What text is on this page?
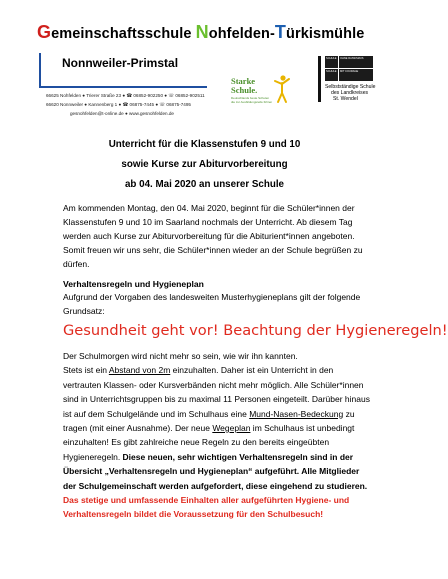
Gemeinschaftsschule Nohfelden-Türkismühle
Nonnweiler-Primstal
66625 Nohfelden ● Trierer Straße 23 ● ☎ 06852-902250 ● ☏ 06852-902511
66620 Nonnweiler ● Kannenberg 1 ● ☎ 06875-7445 ● ☏ 06875-7495
gesnohfelden@t-online.de ● www.gesnohfelden.de
Starke
Schule.
Deutschlands beste Schulen die zur Ausbildungsreife führen
SCHULE	OHNE RASSISMUS
SCHULE	MIT COURAGE
Selbstständige Schule
des Landkreises
St. Wendel
Unterricht für die Klassenstufen 9 und 10
sowie Kurse zur Abiturvorbereitung
ab 04. Mai 2020 an unserer Schule
Am kommenden Montag, den 04. Mai 2020, beginnt für die Schüler*innen der
Klassenstufen 9 und 10 im Saarland nochmals der Unterricht. Ab diesem Tag
werden auch Kurse zur Abiturvorbereitung für die Abiturient*innen angeboten.
Somit freuen wir uns sehr, die Schüler*innen wieder an der Schule begrüßen zu
dürfen.
Verhaltensregeln und Hygieneplan
Aufgrund der Vorgaben des landesweiten Musterhygieneplans gilt der folgende
Grundsatz:
Gesundheit geht vor! Beachtung der Hygieneregeln!
Der Schulmorgen wird nicht mehr so sein, wie wir ihn kannten.
Stets ist ein Abstand von 2m einzuhalten. Daher ist ein Unterricht in den
vertrauten Klassen- oder Kursverbänden nicht mehr möglich. Alle Schüler*innen
sind in Unterrichtsgruppen bis zu maximal 11 Personen eingeteilt. Darüber hinaus
ist auf dem Schulgelände und im Schulhaus eine Mund-Nasen-Bedeckung zu
tragen (mit einer Ausnahme). Der neue Wegeplan im Schulhaus ist unbedingt
einzuhalten! Es gibt zahlreiche neue Regeln zu den bereits eingeübten
Hygieneregeln. Diese neuen, sehr wichtigen Verhaltensregeln sind in der
Übersicht „Verhaltensregeln und Hygieneplan“ aufgeführt. Alle Mitglieder
der Schulgemeinschaft werden aufgefordert, diese eingehend zu studieren.
Das stetige und umfassende Einhalten aller aufgeführten Hygiene- und
Verhaltensregeln bildet die Voraussetzung für den Schulbesuch!
